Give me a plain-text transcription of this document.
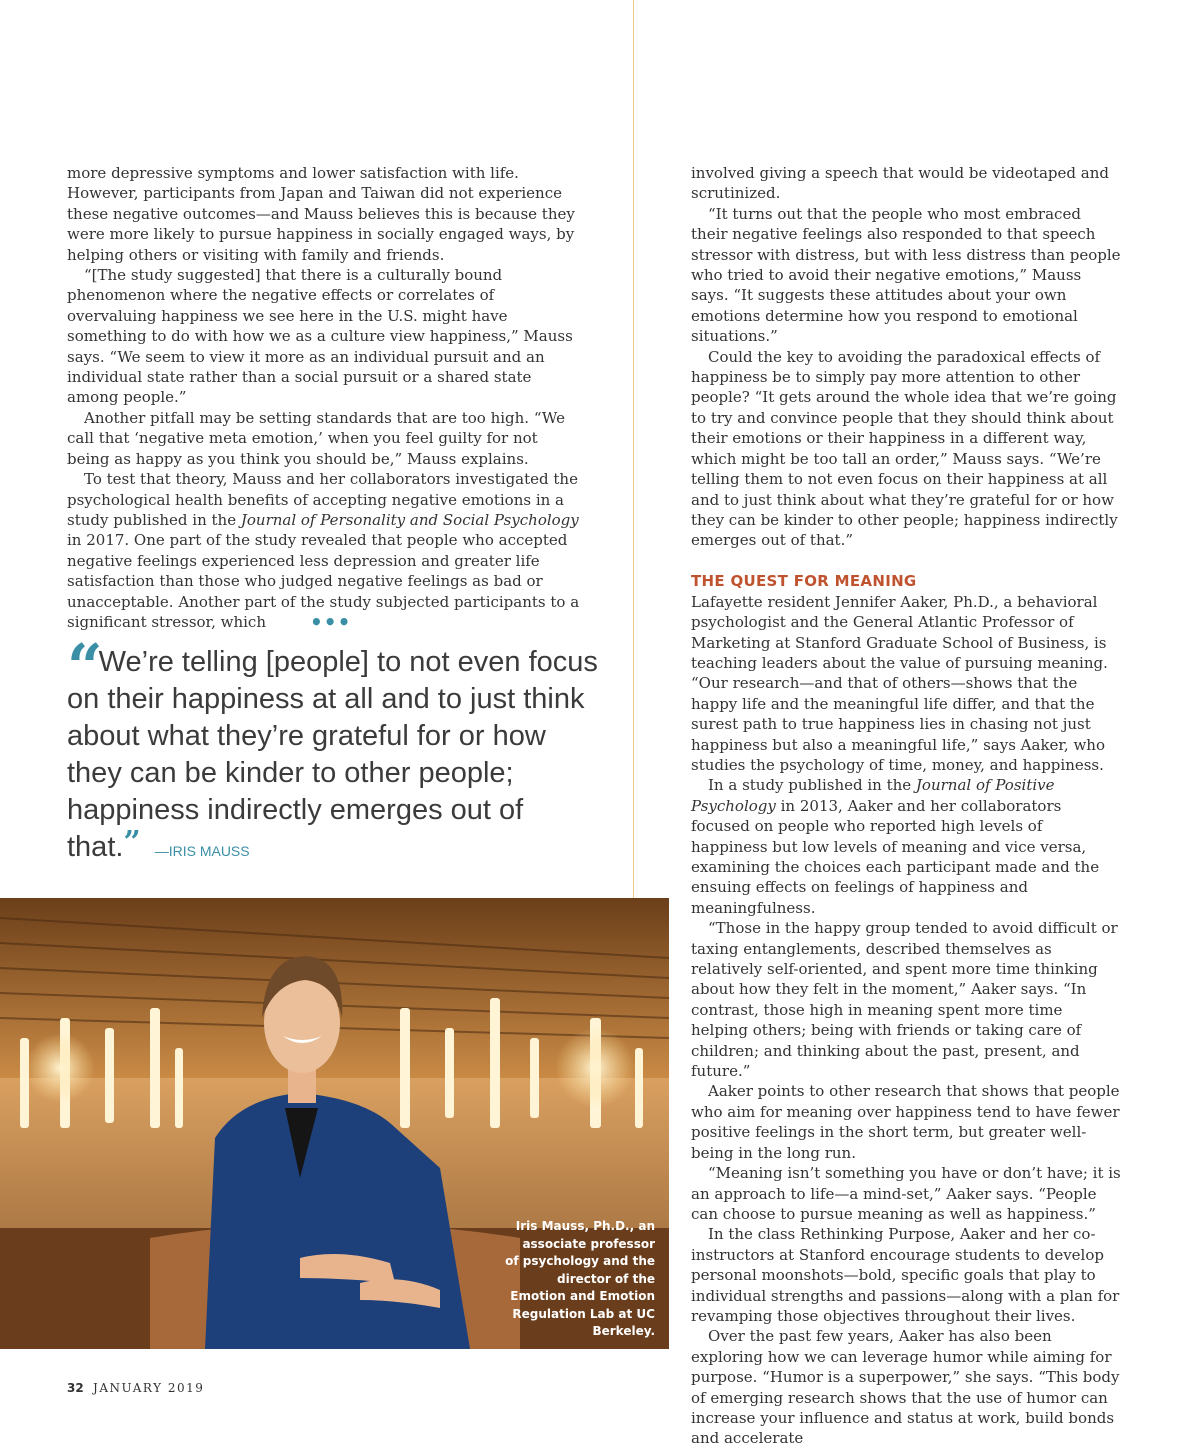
more depressive symptoms and lower satisfaction with life. However, participants from Japan and Taiwan did not experience these negative outcomes—and Mauss believes this is because they were more likely to pursue happiness in socially engaged ways, by helping others or visiting with family and friends.

“[The study suggested] that there is a culturally bound phenomenon where the negative effects or correlates of overvaluing happiness we see here in the U.S. might have something to do with how we as a culture view happiness,” Mauss says. “We seem to view it more as an individual pursuit and an individual state rather than a social pursuit or a shared state among people.”

Another pitfall may be setting standards that are too high. “We call that ‘negative meta emotion,’ when you feel guilty for not being as happy as you think you should be,” Mauss explains.

To test that theory, Mauss and her collaborators investigated the psychological health benefits of accepting negative emotions in a study published in the Journal of Personality and Social Psychology in 2017. One part of the study revealed that people who accepted negative feelings experienced less depression and greater life satisfaction than those who judged negative feelings as bad or unacceptable. Another part of the study subjected participants to a significant stressor, which	•••
“ We’re telling [people] to not even focus on their happiness at all and to just think about what they’re grateful for or how they can be kinder to other people; happiness indirectly emerges out of that.” —IRIS MAUSS
Iris Mauss, Ph.D., an associate professor of psychology and the director of the Emotion and Emotion Regulation Lab at UC Berkeley.

involved giving a speech that would be videotaped and scrutinized.

“It turns out that the people who most embraced their negative feelings also responded to that speech stressor with distress, but with less distress than people who tried to avoid their negative emotions,” Mauss says. “It suggests these attitudes about your own emotions determine how you respond to emotional situations.”

Could the key to avoiding the paradoxical effects of happiness be to simply pay more attention to other people? “It gets around the whole idea that we’re going to try and convince people that they should think about their emotions or their happiness in a different way, which might be too tall an order,” Mauss says. “We’re telling them to not even focus on their happiness at all and to just think about what they’re grateful for or how they can be kinder to other people; happiness indirectly emerges out of that.”

THE QUEST FOR MEANING

Lafayette resident Jennifer Aaker, Ph.D., a behavioral psychologist and the General Atlantic Professor of Marketing at Stanford Graduate School of Business, is teaching leaders about the value of pursuing meaning. “Our research—and that of others—shows that the happy life and the meaningful life differ, and that the surest path to true happiness lies in chasing not just happiness but also a meaningful life,” says Aaker, who studies the psychology of time, money, and happiness.

In a study published in the Journal of Positive Psychology in 2013, Aaker and her collaborators focused on people who reported high levels of happiness but low levels of meaning and vice versa, examining the choices each participant made and the ensuing effects on feelings of happiness and meaningfulness.

“Those in the happy group tended to avoid difficult or taxing entanglements, described themselves as relatively self-oriented, and spent more time thinking about how they felt in the moment,” Aaker says. “In contrast, those high in meaning spent more time helping others; being with friends or taking care of children; and thinking about the past, present, and future.”

Aaker points to other research that shows that people who aim for meaning over happiness tend to have fewer positive feelings in the short term, but greater well-being in the long run.

“Meaning isn’t something you have or don’t have; it is an approach to life—a mind-set,” Aaker says. “People can choose to pursue meaning as well as happiness.”

In the class Rethinking Purpose, Aaker and her co-instructors at Stanford encourage students to develop personal moonshots—bold, specific goals that play to individual strengths and passions—along with a plan for revamping those objectives throughout their lives.

Over the past few years, Aaker has also been exploring how we can leverage humor while aiming for purpose. “Humor is a superpower,” she says. “This body of emerging research shows that the use of humor can increase your influence and status at work, build bonds and accelerate

32 JANUARY 2019
